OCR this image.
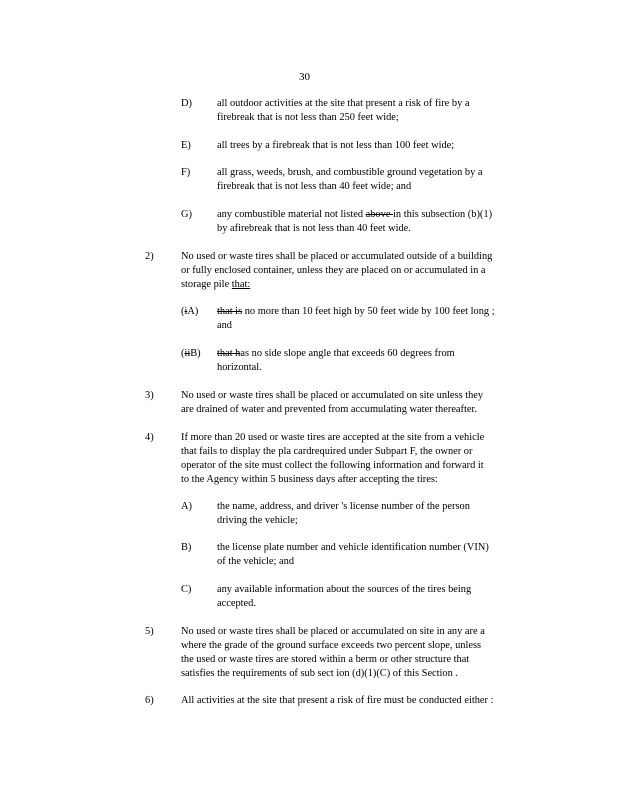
30
D)	all outdoor activities at the site that present a risk of fire by a
firebreak that is not less than 250 feet wide;
E)	all trees by a firebreak that is not less than 100 feet wide;
F)	all grass, weeds, brush, and combustible ground vegetation by a
firebreak that is not less than 40 feet wide; and
G)	any combustible material not listed above in this subsection (b)(1)
by afirebreak that is not less than 40 feet wide.
2)	No used or waste tires shall be placed or accumulated outside of a building
or fully enclosed container, unless they are placed on or accumulated in a
storage pile that:
(iA)	that is no more than 10 feet high by 50 feet wide by 100 feet long ;
and
(iiB)	that has no side slope angle that exceeds 60 degrees from
horizontal.
3)	No used or waste tires shall be placed or accumulated on site unless they
are drained of water and prevented from accumulating water thereafter.
4)	If more than 20 used or waste tires are accepted at the site from a vehicle
that fails to display the pla cardrequired under Subpart F, the owner or
operator of the site must collect the following information and forward it
to the Agency within 5 business days after accepting the tires:
A)	the name, address, and driver 's license number of the person
driving the vehicle;
B)	the license plate number and vehicle identification number (VIN)
of the vehicle; and
C)	any available information about the sources of the tires being
accepted.
5)	No used or waste tires shall be placed or accumulated on site in any are a
where the grade of the ground surface exceeds two percent slope, unless
the used or waste tires are stored within a berm or other structure that
satisfies the requirements of sub sect ion (d)(1)(C) of this Section .
6)	All activities at the site that present a risk of fire must be conducted either :
